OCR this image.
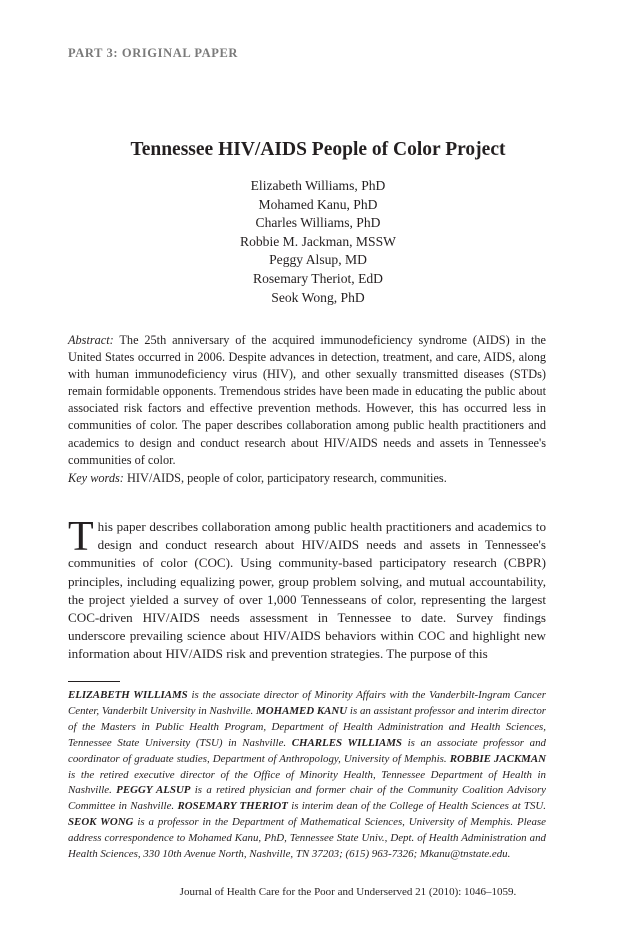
PART 3: ORIGINAL PAPER
Tennessee HIV/AIDS People of Color Project
Elizabeth Williams, PhD
Mohamed Kanu, PhD
Charles Williams, PhD
Robbie M. Jackman, MSSW
Peggy Alsup, MD
Rosemary Theriot, EdD
Seok Wong, PhD
Abstract: The 25th anniversary of the acquired immunodeficiency syndrome (AIDS) in the United States occurred in 2006. Despite advances in detection, treatment, and care, AIDS, along with human immunodeficiency virus (HIV), and other sexually transmitted diseases (STDs) remain formidable opponents. Tremendous strides have been made in educating the public about associated risk factors and effective prevention methods. However, this has occurred less in communities of color. The paper describes collaboration among public health practitioners and academics to design and conduct research about HIV/AIDS needs and assets in Tennessee's communities of color.
Key words: HIV/AIDS, people of color, participatory research, communities.
This paper describes collaboration among public health practitioners and academics to design and conduct research about HIV/AIDS needs and assets in Tennessee's communities of color (COC). Using community-based participatory research (CBPR) principles, including equalizing power, group problem solving, and mutual accountability, the project yielded a survey of over 1,000 Tennesseans of color, representing the largest COC-driven HIV/AIDS needs assessment in Tennessee to date. Survey findings underscore prevailing science about HIV/AIDS behaviors within COC and highlight new information about HIV/AIDS risk and prevention strategies. The purpose of this
ELIZABETH WILLIAMS is the associate director of Minority Affairs with the Vanderbilt-Ingram Cancer Center, Vanderbilt University in Nashville. MOHAMED KANU is an assistant professor and interim director of the Masters in Public Health Program, Department of Health Administration and Health Sciences, Tennessee State University (TSU) in Nashville. CHARLES WILLIAMS is an associate professor and coordinator of graduate studies, Department of Anthropology, University of Memphis. ROBBIE JACKMAN is the retired executive director of the Office of Minority Health, Tennessee Department of Health in Nashville. PEGGY ALSUP is a retired physician and former chair of the Community Coalition Advisory Committee in Nashville. ROSEMARY THERIOT is interim dean of the College of Health Sciences at TSU. SEOK WONG is a professor in the Department of Mathematical Sciences, University of Memphis. Please address correspondence to Mohamed Kanu, PhD, Tennessee State Univ., Dept. of Health Administration and Health Sciences, 330 10th Avenue North, Nashville, TN 37203; (615) 963-7326; Mkanu@tnstate.edu.
Journal of Health Care for the Poor and Underserved 21 (2010): 1046–1059.
